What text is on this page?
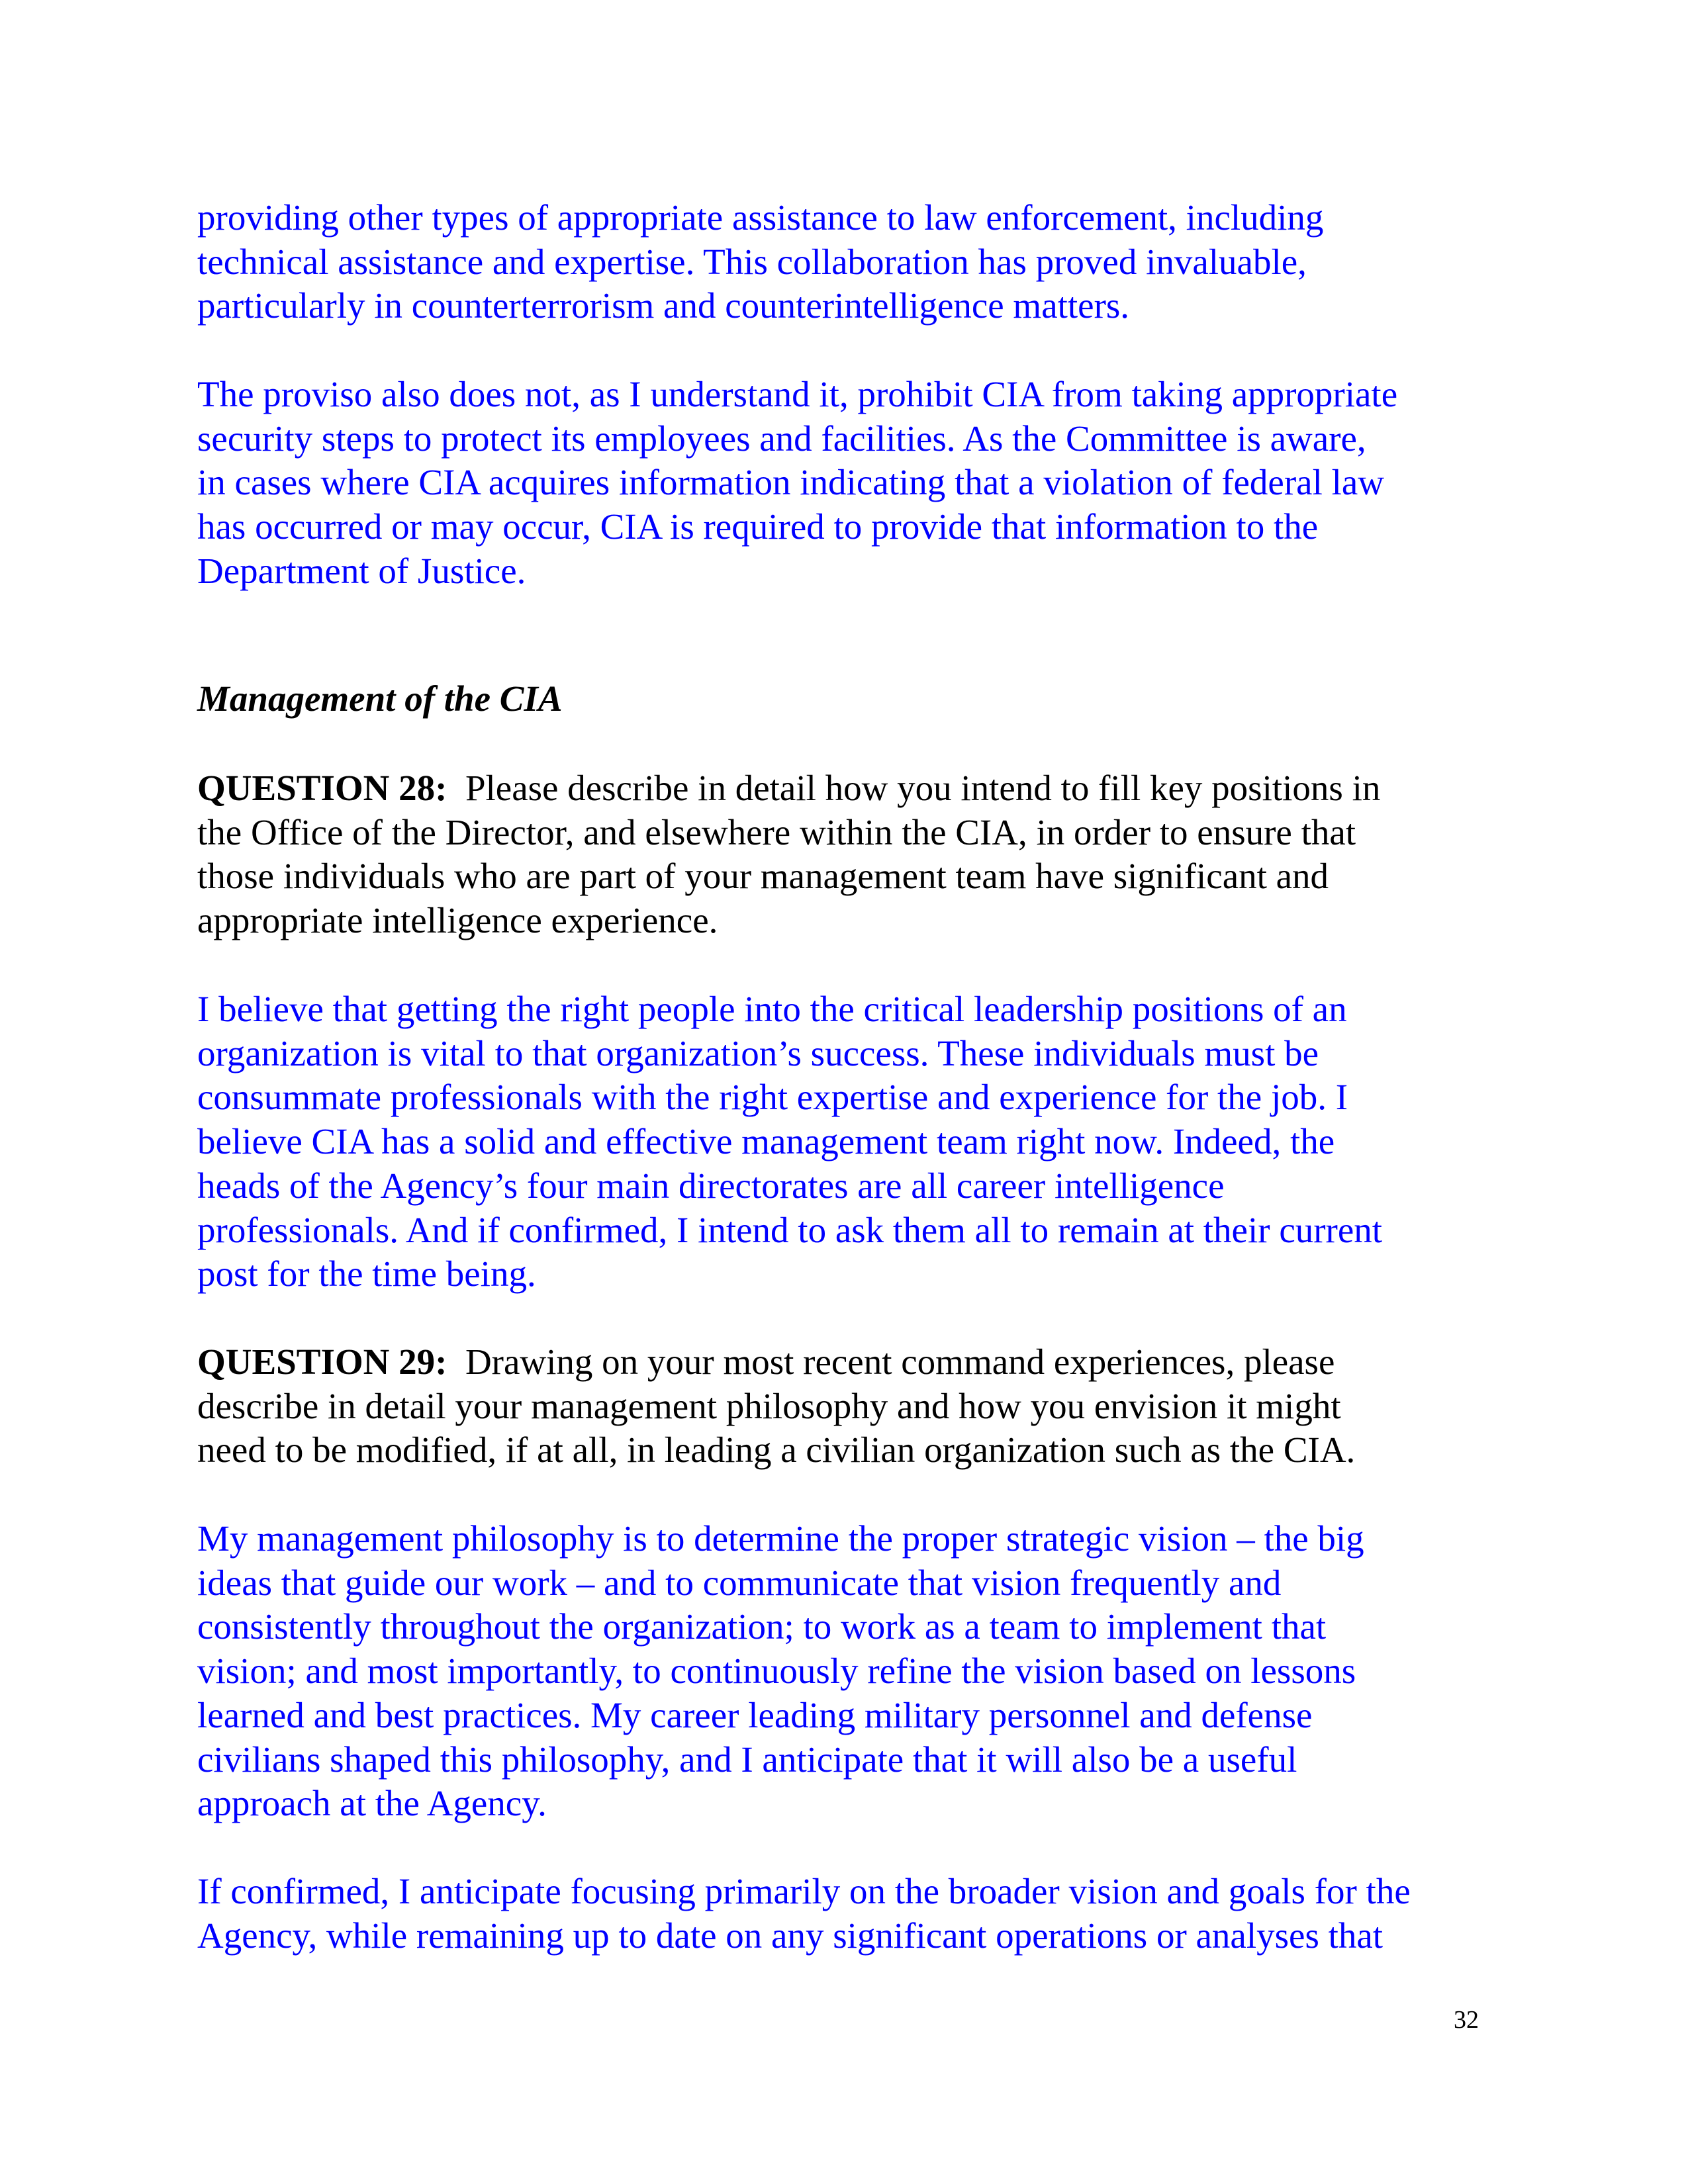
providing other types of appropriate assistance to law enforcement, including
technical assistance and expertise. This collaboration has proved invaluable,
particularly in counterterrorism and counterintelligence matters.
The proviso also does not, as I understand it, prohibit CIA from taking appropriate
security steps to protect its employees and facilities. As the Committee is aware,
in cases where CIA acquires information indicating that a violation of federal law
has occurred or may occur, CIA is required to provide that information to the
Department of Justice.
Management of the CIA
QUESTION 28:  Please describe in detail how you intend to fill key positions in
the Office of the Director, and elsewhere within the CIA, in order to ensure that
those individuals who are part of your management team have significant and
appropriate intelligence experience.
I believe that getting the right people into the critical leadership positions of an
organization is vital to that organization’s success. These individuals must be
consummate professionals with the right expertise and experience for the job. I
believe CIA has a solid and effective management team right now. Indeed, the
heads of the Agency’s four main directorates are all career intelligence
professionals. And if confirmed, I intend to ask them all to remain at their current
post for the time being.
QUESTION 29:  Drawing on your most recent command experiences, please
describe in detail your management philosophy and how you envision it might
need to be modified, if at all, in leading a civilian organization such as the CIA.
My management philosophy is to determine the proper strategic vision – the big
ideas that guide our work – and to communicate that vision frequently and
consistently throughout the organization; to work as a team to implement that
vision; and most importantly, to continuously refine the vision based on lessons
learned and best practices. My career leading military personnel and defense
civilians shaped this philosophy, and I anticipate that it will also be a useful
approach at the Agency.
If confirmed, I anticipate focusing primarily on the broader vision and goals for the
Agency, while remaining up to date on any significant operations or analyses that
32
